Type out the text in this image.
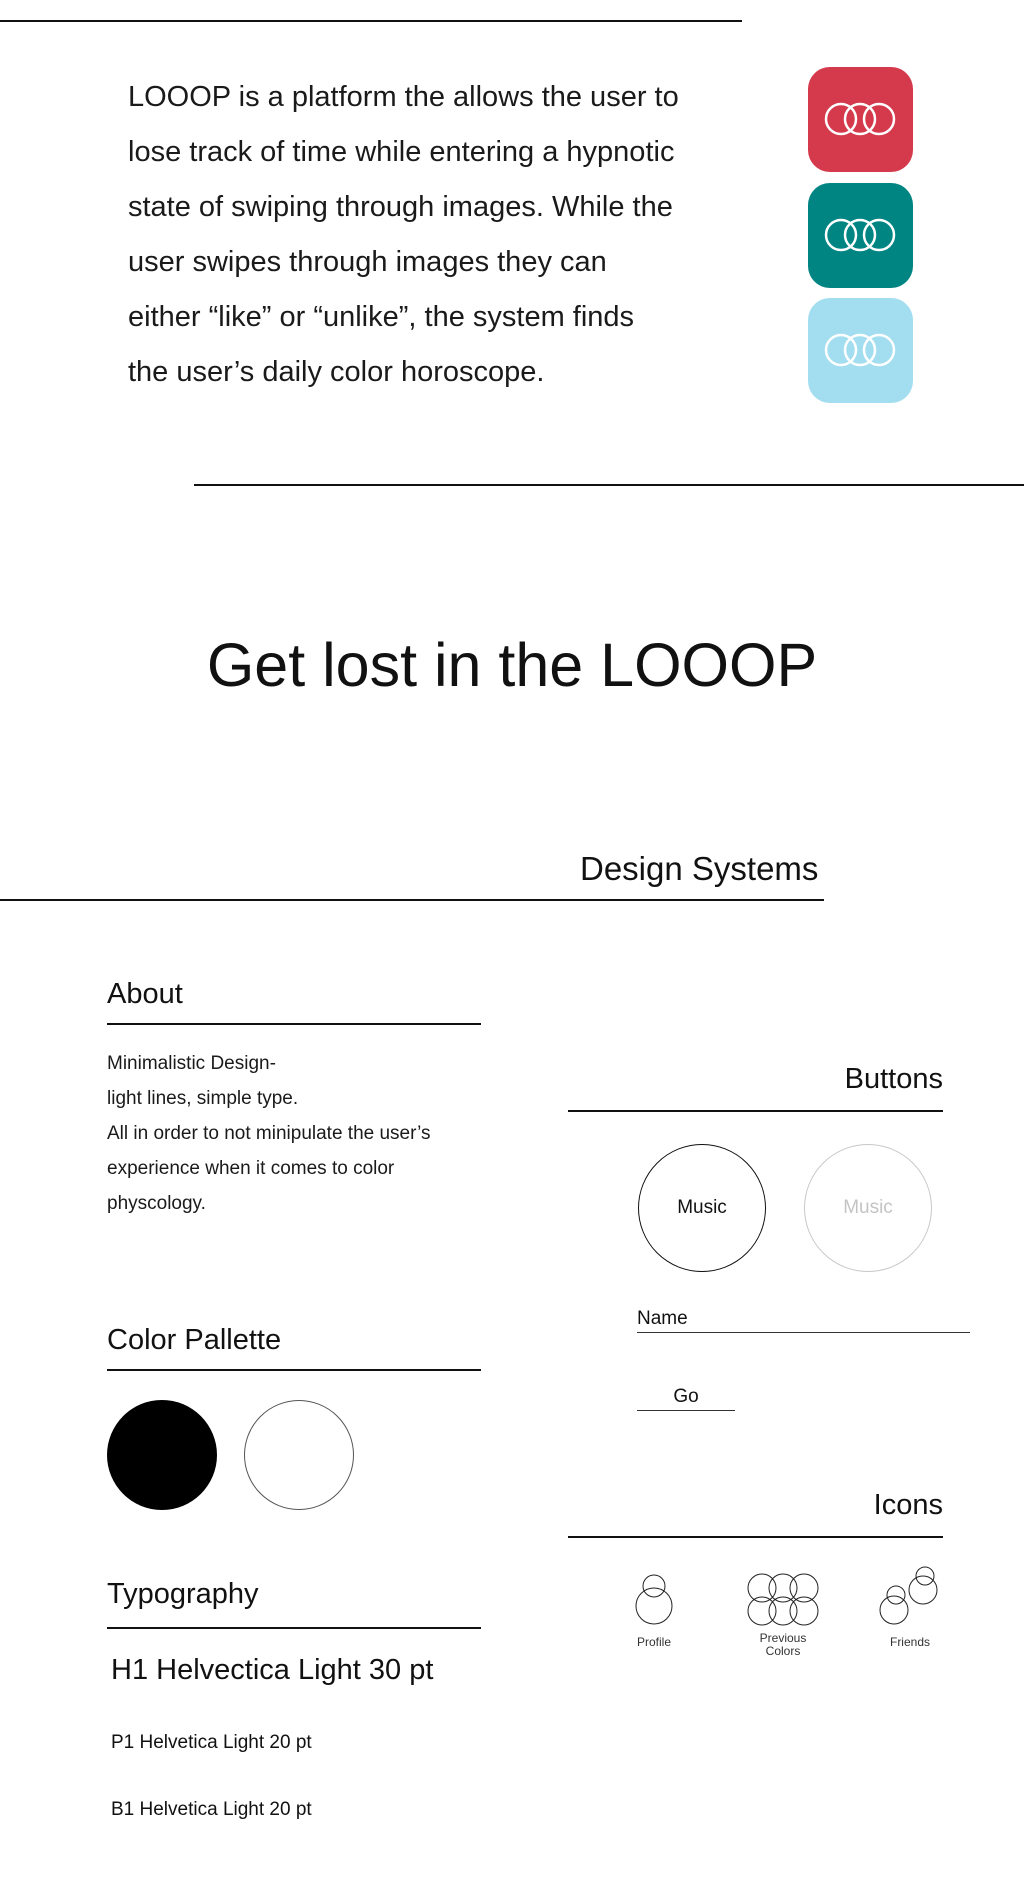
LOOOP is a platform the allows the user to
lose track of time while entering a hypnotic
state of swiping through images. While the
user swipes through images they can
either “like” or “unlike”, the system finds
the user’s daily color horoscope.
Get lost in the LOOOP
Design Systems
About
Minimalistic Design-
light lines, simple type.
All in order to not minipulate the user’s
experience when it comes to color
physcology.
Color Pallette
Typography
H1 Helvectica Light 30 pt
P1 Helvetica Light 20 pt
B1 Helvetica Light 20 pt
Buttons
Music	Music
Name
Go
Icons
Profile	Previous
Colors
Friends
